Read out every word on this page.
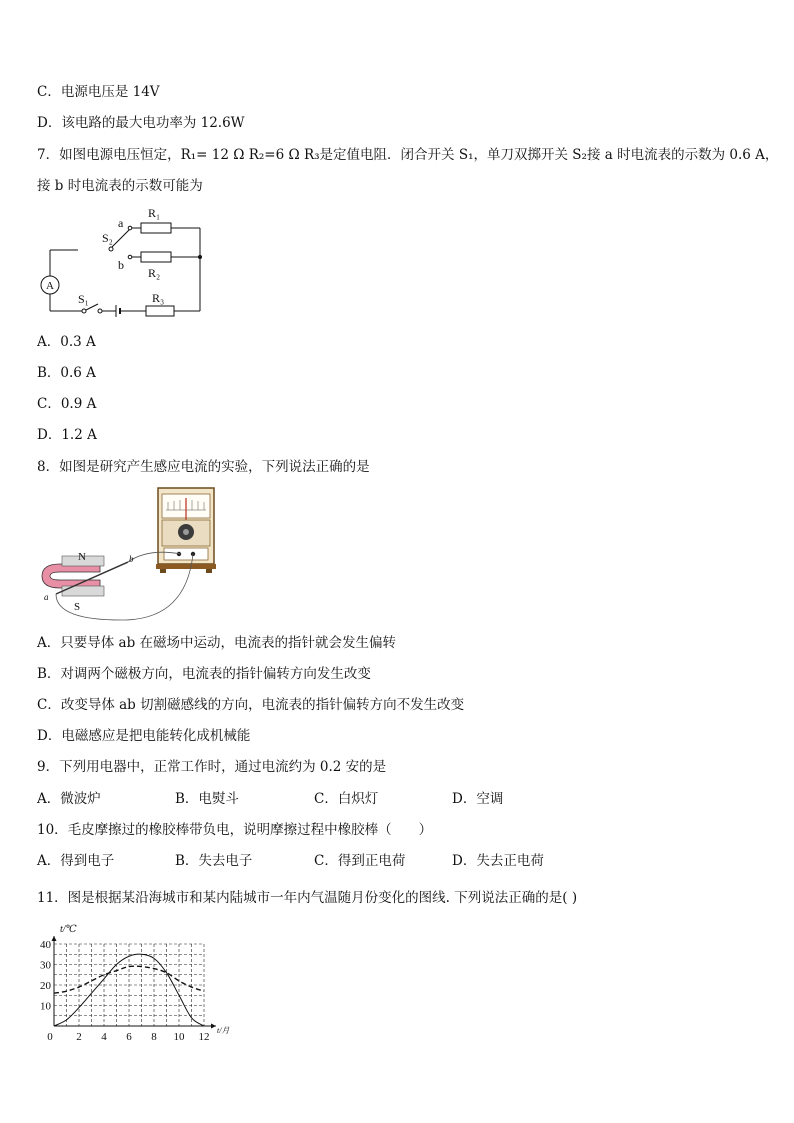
C．电源电压是 14V
D．该电路的最大电功率为 12.6W
7．如图电源电压恒定，R₁= 12 Ω R₂=6 Ω R₃是定值电阻．闭合开关 S₁，单刀双掷开关 S₂接 a 时电流表的示数为 0.6 A，
接 b 时电流表的示数可能为
a
b
S₂
S₁
R₁
R₂
R₃
A
A．0.3 A
B．0.6 A
C．0.9 A
D．1.2 A
8．如图是研究产生感应电流的实验，下列说法正确的是
N
S
a
b
A．只要导体 ab 在磁场中运动，电流表的指针就会发生偏转
B．对调两个磁极方向，电流表的指针偏转方向发生改变
C．改变导体 ab 切割磁感线的方向，电流表的指针偏转方向不发生改变
D．电磁感应是把电能转化成机械能
9．下列用电器中，正常工作时，通过电流约为 0.2 安的是
A．微波炉	B．电熨斗	C．白炽灯	D．空调
10．毛皮摩擦过的橡胶棒带负电，说明摩擦过程中橡胶棒（　　）
A．得到电子	B．失去电子	C．得到正电荷	D．失去正电荷
11．图是根据某沿海城市和某内陆城市一年内气温随月份变化的图线. 下列说法正确的是( )
0 2 4 6 8 10 12
10
20
30
40
t/℃
t/月
